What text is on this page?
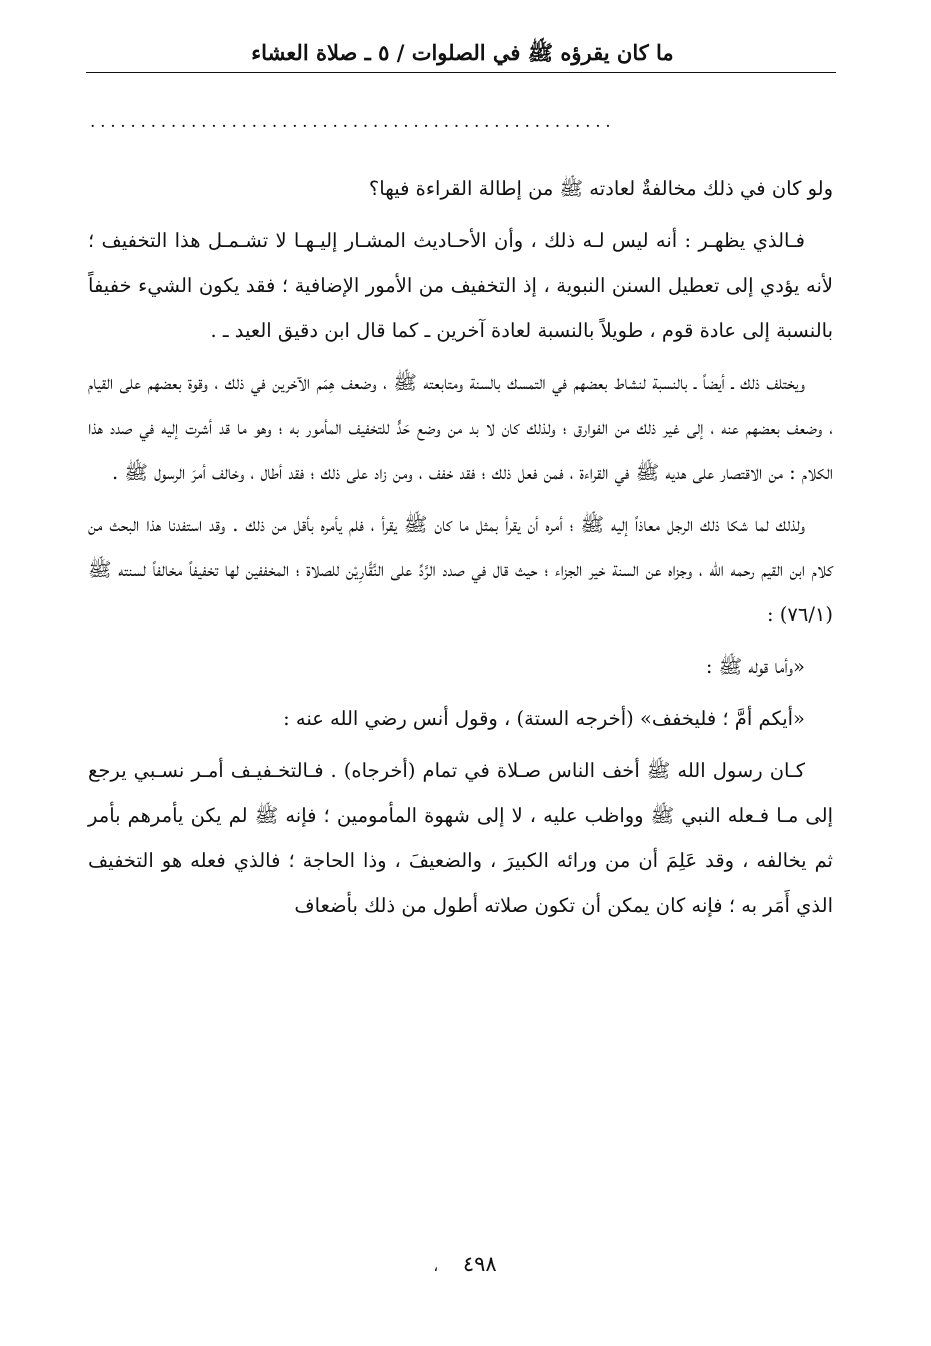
ما كان يقرؤه ﷺ في الصلوات / ٥ ـ صلاة العشاء
....................................................

ولو كان في ذلك مخالفةٌ لعادته ﷺ من إطالة القراءة فيها؟

فـالذي يظهـر : أنه ليس لـه ذلك ، وأن الأحـاديث المشـار إليـهـا لا تشـمـل هذا التخفيف ؛ لأنه يؤدي إلى تعطيل السنن النبوية ، إذ التخفيف من الأمور الإضافية ؛ فقد يكون الشيء خفيفاً بالنسبة إلى عادة قوم ، طويلاً بالنسبة لعادة آخرين ـ كما قال ابن دقيق العيد ـ .

ويختلف ذلك ـ أيضاً ـ بالنسبة لنشاط بعضهم في التمسك بالسنة ومتابعته ﷺ ، وضعف هِمَم الآخرين في ذلك ، وقوة بعضهم على القيام ، وضعف بعضهم عنه ، إلى غير ذلك من الفوارق ؛ ولذلك كان لا بد من وضع حَدٍّ للتخفيف المأمور به ؛ وهو ما قد أشرت إليه في صدد هذا الكلام : من الاقتصار على هديه ﷺ في القراءة ، فمن فعل ذلك ؛ فقد خفف ، ومن زاد على ذلك ؛ فقد أطال ، وخالف أمرَ الرسول ﷺ .

ولذلك لما شكا ذلك الرجل معاذاً إليه ﷺ ؛ أمره أن يقرأ بمثل ما كان ﷺ يقرأ ، فلم يأمره بأقل من ذلك . وقد استفدنا هذا البحث من كلام ابن القيم رحمه الله ، وجزاه عن السنة خير الجزاء ؛ حيث قال في صدد الرَّدِّ على النَّقَّارِيْن للصلاة ؛ المخففين لها تخفيفاً مخالفاً لسنته ﷺ (٧٦/١) :

«وأما قوله ﷺ :

«أيكم أمَّ ؛ فليخفف» (أخرجه الستة) ، وقول أنس رضي الله عنه :

كـان رسول الله ﷺ أخف الناس صـلاة في تمام (أخرجاه) . فـالتخـفيـف أمـر نسـبي يرجع إلى مـا فـعله النبي ﷺ وواظب عليه ، لا إلى شهوة المأمومين ؛ فإنه ﷺ لم يكن يأمرهم بأمر ثم يخالفه ، وقد عَلِمَ أن من ورائه الكبيرَ ، والضعيفَ ، وذا الحاجة ؛ فالذي فعله هو التخفيف الذي أَمَر به ؛ فإنه كان يمكن أن تكون صلاته أطول من ذلك بأضعاف

٤٩٨ ،
